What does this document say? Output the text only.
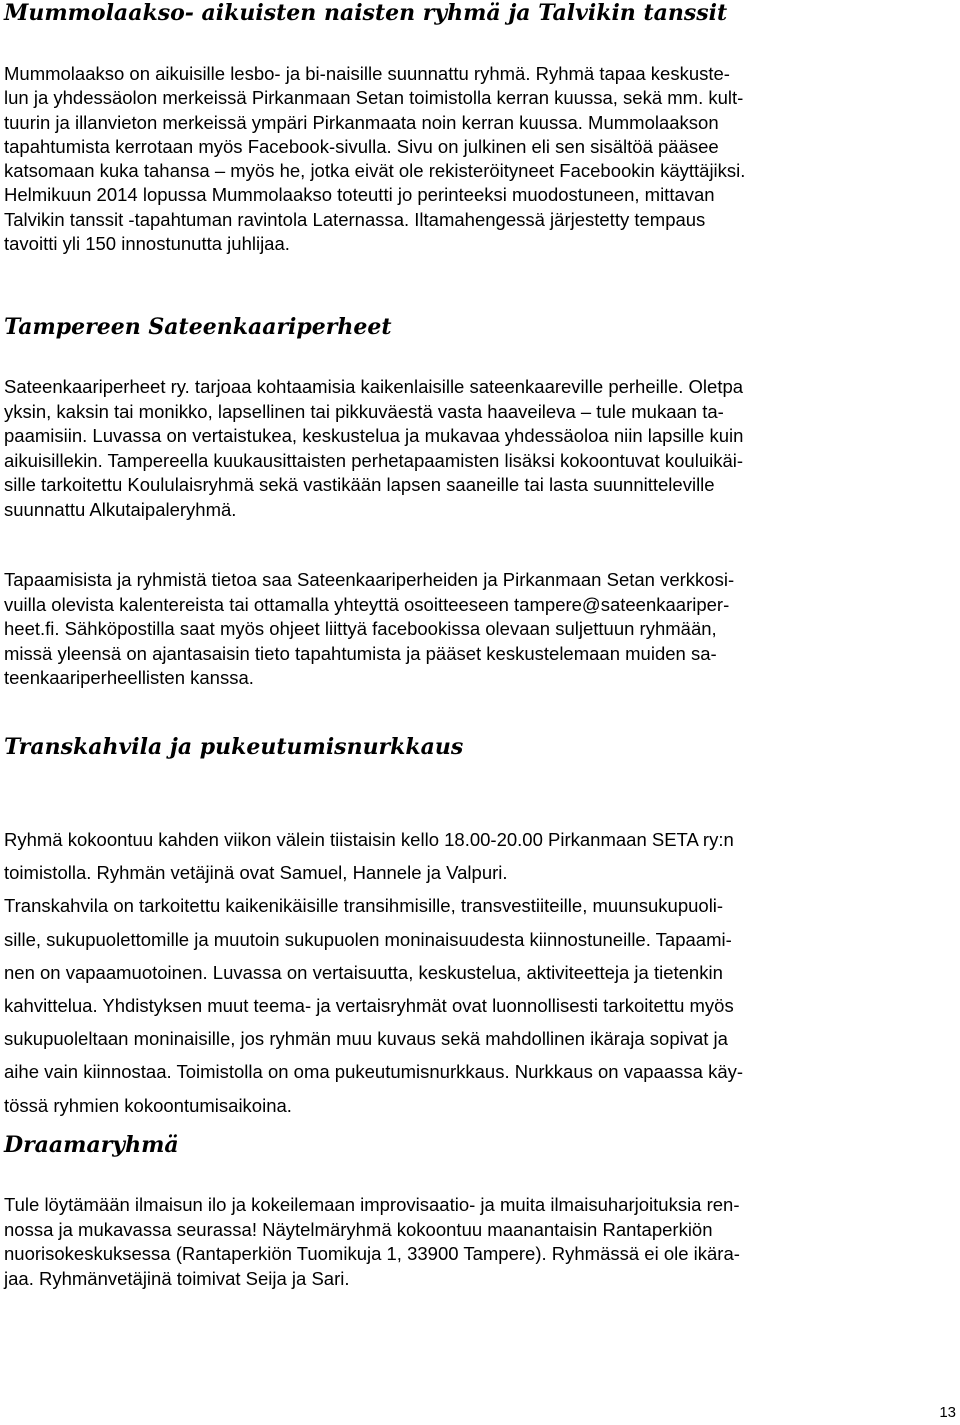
Mummolaakso- aikuisten naisten ryhmä ja Talvikin tanssit
Mummolaakso on aikuisille lesbo- ja bi-naisille suunnattu ryhmä. Ryhmä tapaa keskuste-
lun ja yhdessäolon merkeissä Pirkanmaan Setan toimistolla kerran kuussa, sekä mm. kult-
tuurin ja illanvieton merkeissä ympäri Pirkanmaata noin kerran kuussa. Mummolaakson
tapahtumista kerrotaan myös Facebook-sivulla. Sivu on julkinen eli sen sisältöä pääsee
katsomaan kuka tahansa – myös he, jotka eivät ole rekisteröityneet Facebookin käyttäjiksi.
Helmikuun 2014 lopussa Mummolaakso toteutti jo perinteeksi muodostuneen, mittavan
Talvikin tanssit -tapahtuman ravintola Laternassa. Iltamahengessä järjestetty tempaus
tavoitti yli 150 innostunutta juhlijaa.
Tampereen Sateenkaariperheet
Sateenkaariperheet ry. tarjoaa kohtaamisia kaikenlaisille sateenkaareville perheille. Oletpa
yksin, kaksin tai monikko, lapsellinen tai pikkuväestä vasta haaveileva – tule mukaan ta-
paamisiin. Luvassa on vertaistukea, keskustelua ja mukavaa yhdessäoloa niin lapsille kuin
aikuisillekin. Tampereella kuukausittaisten perhetapaamisten lisäksi kokoontuvat kouluikäi-
sille tarkoitettu Koululaisryhmä sekä vastikään lapsen saaneille tai lasta suunnitteleville
suunnattu Alkutaipaleryhmä.
Tapaamisista ja ryhmistä tietoa saa Sateenkaariperheiden ja Pirkanmaan Setan verkkosi-
vuilla olevista kalentereista tai ottamalla yhteyttä osoitteeseen tampere@sateenkaariper-
heet.fi. Sähköpostilla saat myös ohjeet liittyä facebookissa olevaan suljettuun ryhmään,
missä yleensä on ajantasaisin tieto tapahtumista ja pääset keskustelemaan muiden sa-
teenkaariperheellisten kanssa.
Transkahvila ja pukeutumisnurkkaus
Ryhmä kokoontuu kahden viikon välein tiistaisin kello 18.00-20.00 Pirkanmaan SETA ry:n
toimistolla. Ryhmän vetäjinä ovat Samuel, Hannele ja Valpuri.
Transkahvila on tarkoitettu kaikenikäisille transihmisille, transvestiiteille, muunsukupuoli-
sille, sukupuolettomille ja muutoin sukupuolen moninaisuudesta kiinnostuneille. Tapaami-
nen on vapaamuotoinen. Luvassa on vertaisuutta, keskustelua, aktiviteetteja ja tietenkin
kahvittelua. Yhdistyksen muut teema- ja vertaisryhmät ovat luonnollisesti tarkoitettu myös
sukupuoleltaan moninaisille, jos ryhmän muu kuvaus sekä mahdollinen ikäraja sopivat ja
aihe vain kiinnostaa. Toimistolla on oma pukeutumisnurkkaus. Nurkkaus on vapaassa käy-
tössä ryhmien kokoontumisaikoina.
Draamaryhmä
Tule löytämään ilmaisun ilo ja kokeilemaan improvisaatio- ja muita ilmaisuharjoituksia ren-
nossa ja mukavassa seurassa! Näytelmäryhmä kokoontuu maanantaisin Rantaperkiön
nuorisokeskuksessa (Rantaperkiön Tuomikuja 1, 33900 Tampere). Ryhmässä ei ole ikära-
jaa. Ryhmänvetäjinä toimivat Seija ja Sari.
13
